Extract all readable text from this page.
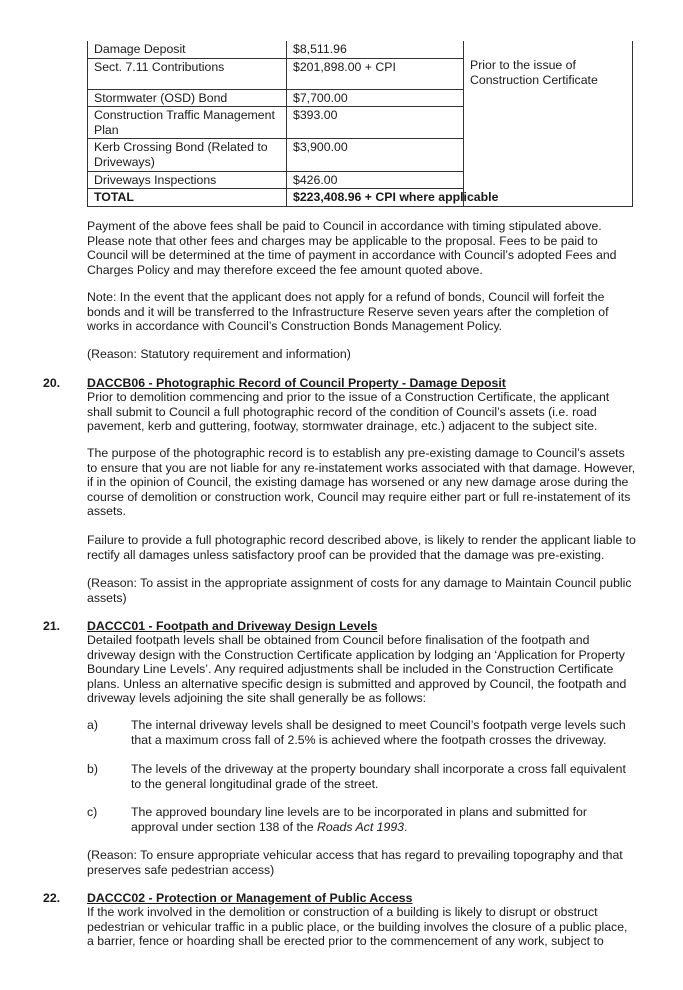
Damage Deposit	$8,511.96	Prior to the issue of Construction Certificate
Sect. 7.11 Contributions	$201,898.00 + CPI	
Stormwater (OSD) Bond	$7,700.00	
Construction Traffic Management Plan	$393.00	
Kerb Crossing Bond (Related to Driveways)	$3,900.00	
Driveways Inspections	$426.00	
TOTAL	$223,408.96 + CPI where applicable	

Payment of the above fees shall be paid to Council in accordance with timing stipulated above. Please note that other fees and charges may be applicable to the proposal. Fees to be paid to Council will be determined at the time of payment in accordance with Council’s adopted Fees and Charges Policy and may therefore exceed the fee amount quoted above.

Note: In the event that the applicant does not apply for a refund of bonds, Council will forfeit the bonds and it will be transferred to the Infrastructure Reserve seven years after the completion of works in accordance with Council’s Construction Bonds Management Policy.

(Reason: Statutory requirement and information)

20. DACCB06 - Photographic Record of Council Property - Damage Deposit

Prior to demolition commencing and prior to the issue of a Construction Certificate, the applicant shall submit to Council a full photographic record of the condition of Council’s assets (i.e. road pavement, kerb and guttering, footway, stormwater drainage, etc.) adjacent to the subject site.

The purpose of the photographic record is to establish any pre-existing damage to Council’s assets to ensure that you are not liable for any re-instatement works associated with that damage. However, if in the opinion of Council, the existing damage has worsened or any new damage arose during the course of demolition or construction work, Council may require either part or full re-instatement of its assets.

Failure to provide a full photographic record described above, is likely to render the applicant liable to rectify all damages unless satisfactory proof can be provided that the damage was pre-existing.

(Reason: To assist in the appropriate assignment of costs for any damage to Maintain Council public assets)

21. DACCC01 - Footpath and Driveway Design Levels

Detailed footpath levels shall be obtained from Council before finalisation of the footpath and driveway design with the Construction Certificate application by lodging an ‘Application for Property Boundary Line Levels’. Any required adjustments shall be included in the Construction Certificate plans. Unless an alternative specific design is submitted and approved by Council, the footpath and driveway levels adjoining the site shall generally be as follows:

a)	The internal driveway levels shall be designed to meet Council’s footpath verge levels such that a maximum cross fall of 2.5% is achieved where the footpath crosses the driveway.

b)	The levels of the driveway at the property boundary shall incorporate a cross fall equivalent to the general longitudinal grade of the street.

c)	The approved boundary line levels are to be incorporated in plans and submitted for approval under section 138 of the Roads Act 1993.

(Reason: To ensure appropriate vehicular access that has regard to prevailing topography and that preserves safe pedestrian access)

22. DACCC02 - Protection or Management of Public Access

If the work involved in the demolition or construction of a building is likely to disrupt or obstruct pedestrian or vehicular traffic in a public place, or the building involves the closure of a public place, a barrier, fence or hoarding shall be erected prior to the commencement of any work, subject to
